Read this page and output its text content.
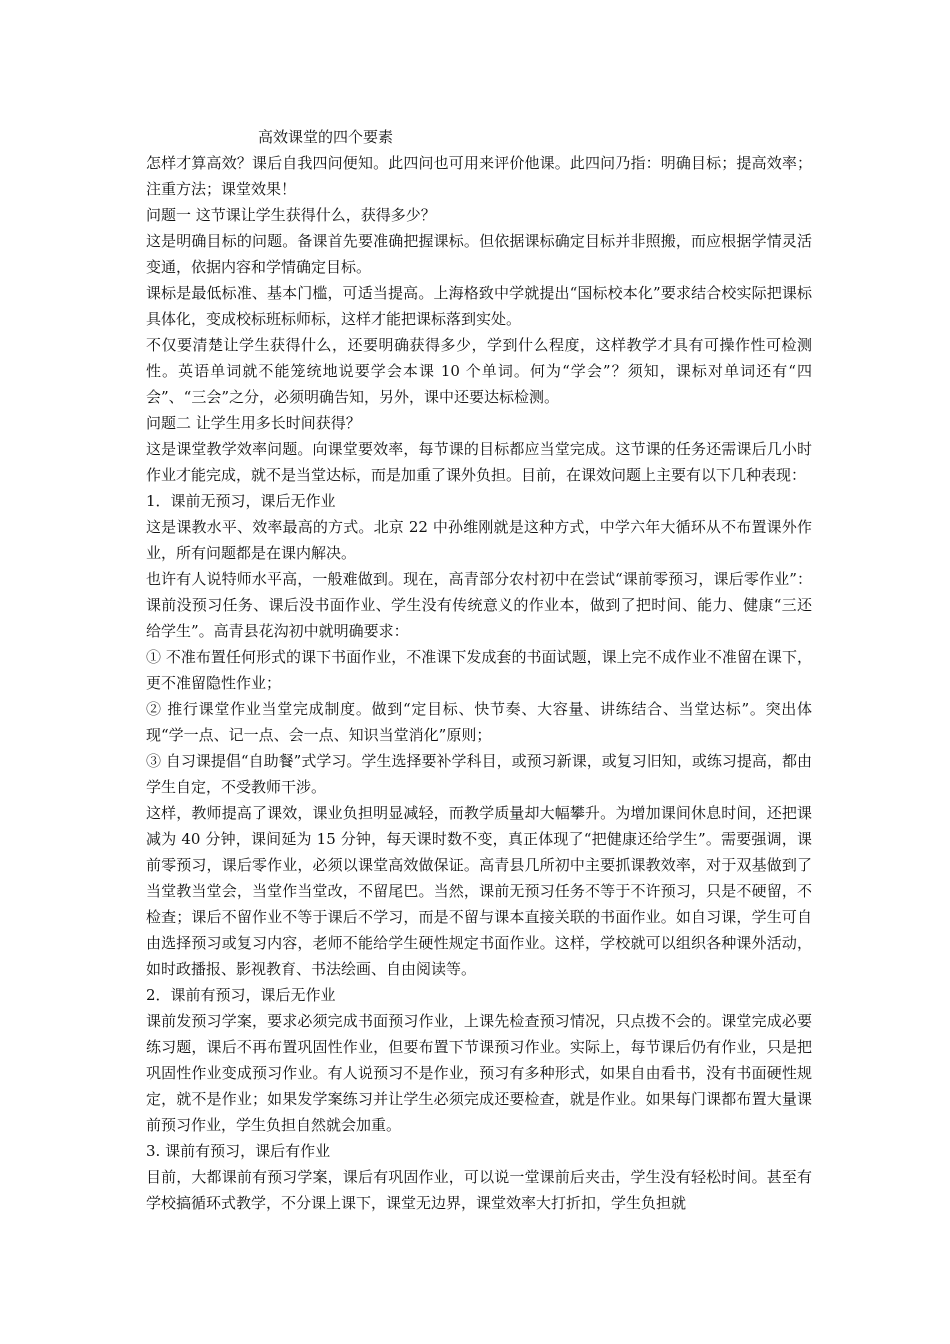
高效课堂的四个要素

怎样才算高效？课后自我四问便知。此四问也可用来评价他课。此四问乃指：明确目标；提高效率；注重方法；课堂效果！

问题一 这节课让学生获得什么，获得多少？

这是明确目标的问题。备课首先要准确把握课标。但依据课标确定目标并非照搬，而应根据学情灵活变通，依据内容和学情确定目标。

课标是最低标准、基本门槛，可适当提高。上海格致中学就提出“国标校本化”要求结合校实际把课标具体化，变成校标班标师标，这样才能把课标落到实处。

不仅要清楚让学生获得什么，还要明确获得多少，学到什么程度，这样教学才具有可操作性可检测性。英语单词就不能笼统地说要学会本课 10 个单词。何为“学会”？须知，课标对单词还有“四会”、“三会”之分，必须明确告知，另外，课中还要达标检测。

问题二 让学生用多长时间获得？

这是课堂教学效率问题。向课堂要效率，每节课的目标都应当堂完成。这节课的任务还需课后几小时作业才能完成，就不是当堂达标，而是加重了课外负担。目前，在课效问题上主要有以下几种表现：

1．课前无预习，课后无作业

这是课教水平、效率最高的方式。北京 22 中孙维刚就是这种方式，中学六年大循环从不布置课外作业，所有问题都是在课内解决。

也许有人说特师水平高，一般难做到。现在，高青部分农村初中在尝试“课前零预习，课后零作业”：课前没预习任务、课后没书面作业、学生没有传统意义的作业本，做到了把时间、能力、健康“三还给学生”。高青县花沟初中就明确要求：

① 不准布置任何形式的课下书面作业，不准课下发成套的书面试题，课上完不成作业不准留在课下，更不准留隐性作业；

② 推行课堂作业当堂完成制度。做到“定目标、快节奏、大容量、讲练结合、当堂达标”。突出体现“学一点、记一点、会一点、知识当堂消化”原则；

③ 自习课提倡“自助餐”式学习。学生选择要补学科目，或预习新课，或复习旧知，或练习提高，都由学生自定，不受教师干涉。

这样，教师提高了课效，课业负担明显减轻，而教学质量却大幅攀升。为增加课间休息时间，还把课减为 40 分钟，课间延为 15 分钟，每天课时数不变，真正体现了“把健康还给学生”。需要强调，课前零预习，课后零作业，必须以课堂高效做保证。高青县几所初中主要抓课教效率，对于双基做到了当堂教当堂会，当堂作当堂改，不留尾巴。当然，课前无预习任务不等于不许预习，只是不硬留，不检查；课后不留作业不等于课后不学习，而是不留与课本直接关联的书面作业。如自习课，学生可自由选择预习或复习内容，老师不能给学生硬性规定书面作业。这样，学校就可以组织各种课外活动，如时政播报、影视教育、书法绘画、自由阅读等。

2．课前有预习，课后无作业

课前发预习学案，要求必须完成书面预习作业，上课先检查预习情况，只点拨不会的。课堂完成必要练习题，课后不再布置巩固性作业，但要布置下节课预习作业。实际上，每节课后仍有作业，只是把巩固性作业变成预习作业。有人说预习不是作业，预习有多种形式，如果自由看书，没有书面硬性规定，就不是作业；如果发学案练习并让学生必须完成还要检查，就是作业。如果每门课都布置大量课前预习作业，学生负担自然就会加重。

3. 课前有预习，课后有作业

目前，大都课前有预习学案，课后有巩固作业，可以说一堂课前后夹击，学生没有轻松时间。甚至有学校搞循环式教学，不分课上课下，课堂无边界，课堂效率大打折扣，学生负担就
